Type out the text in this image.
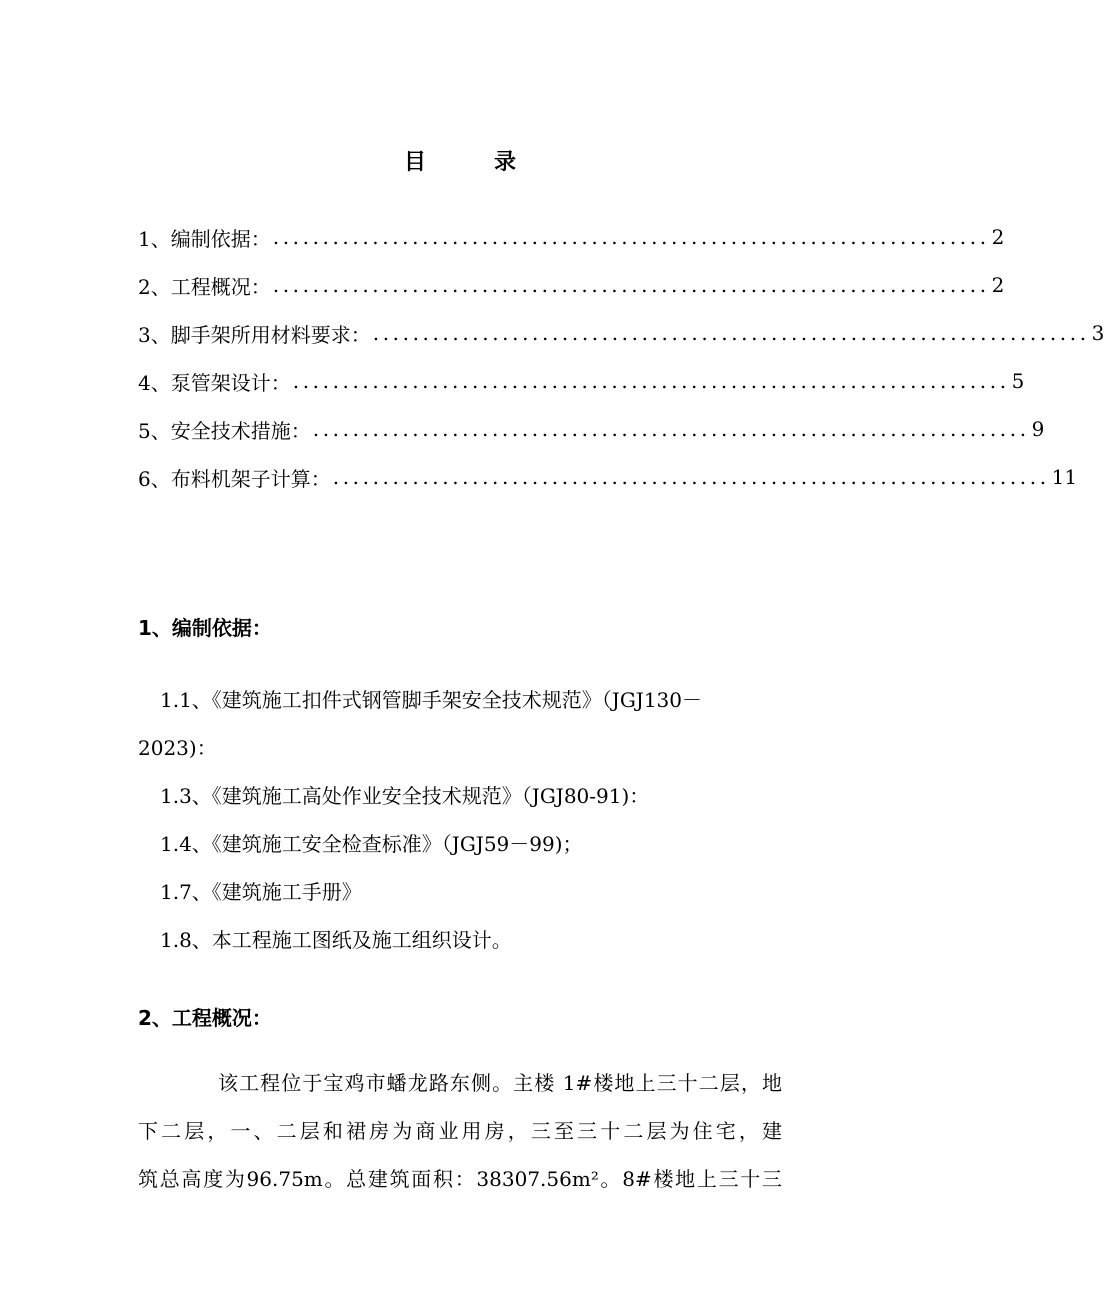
目录
1、编制依据： ........................................................................ 2
2、工程概况： ........................................................................ 2
3、脚手架所用材料要求： ........................................................................ 3
4、泵管架设计： ........................................................................ 5
5、安全技术措施： ........................................................................ 9
6、布料机架子计算： ........................................................................ 11
1、编制依据：
1.1、《建筑施工扣件式钢管脚手架安全技术规范》（JGJ130－
2023)：
1.3、《建筑施工高处作业安全技术规范》（JGJ80-91)：
1.4、《建筑施工安全检查标准》（JGJ59－99)；
1.7、《建筑施工手册》
1.8、本工程施工图纸及施工组织设计。
2、工程概况：
该工程位于宝鸡市蟠龙路东侧。主楼 1#楼地上三十二层，地
下二层，一、二层和裙房为商业用房，三至三十二层为住宅，建
筑总高度为96.75m。总建筑面积：38307.56m²。8#楼地上三十三
